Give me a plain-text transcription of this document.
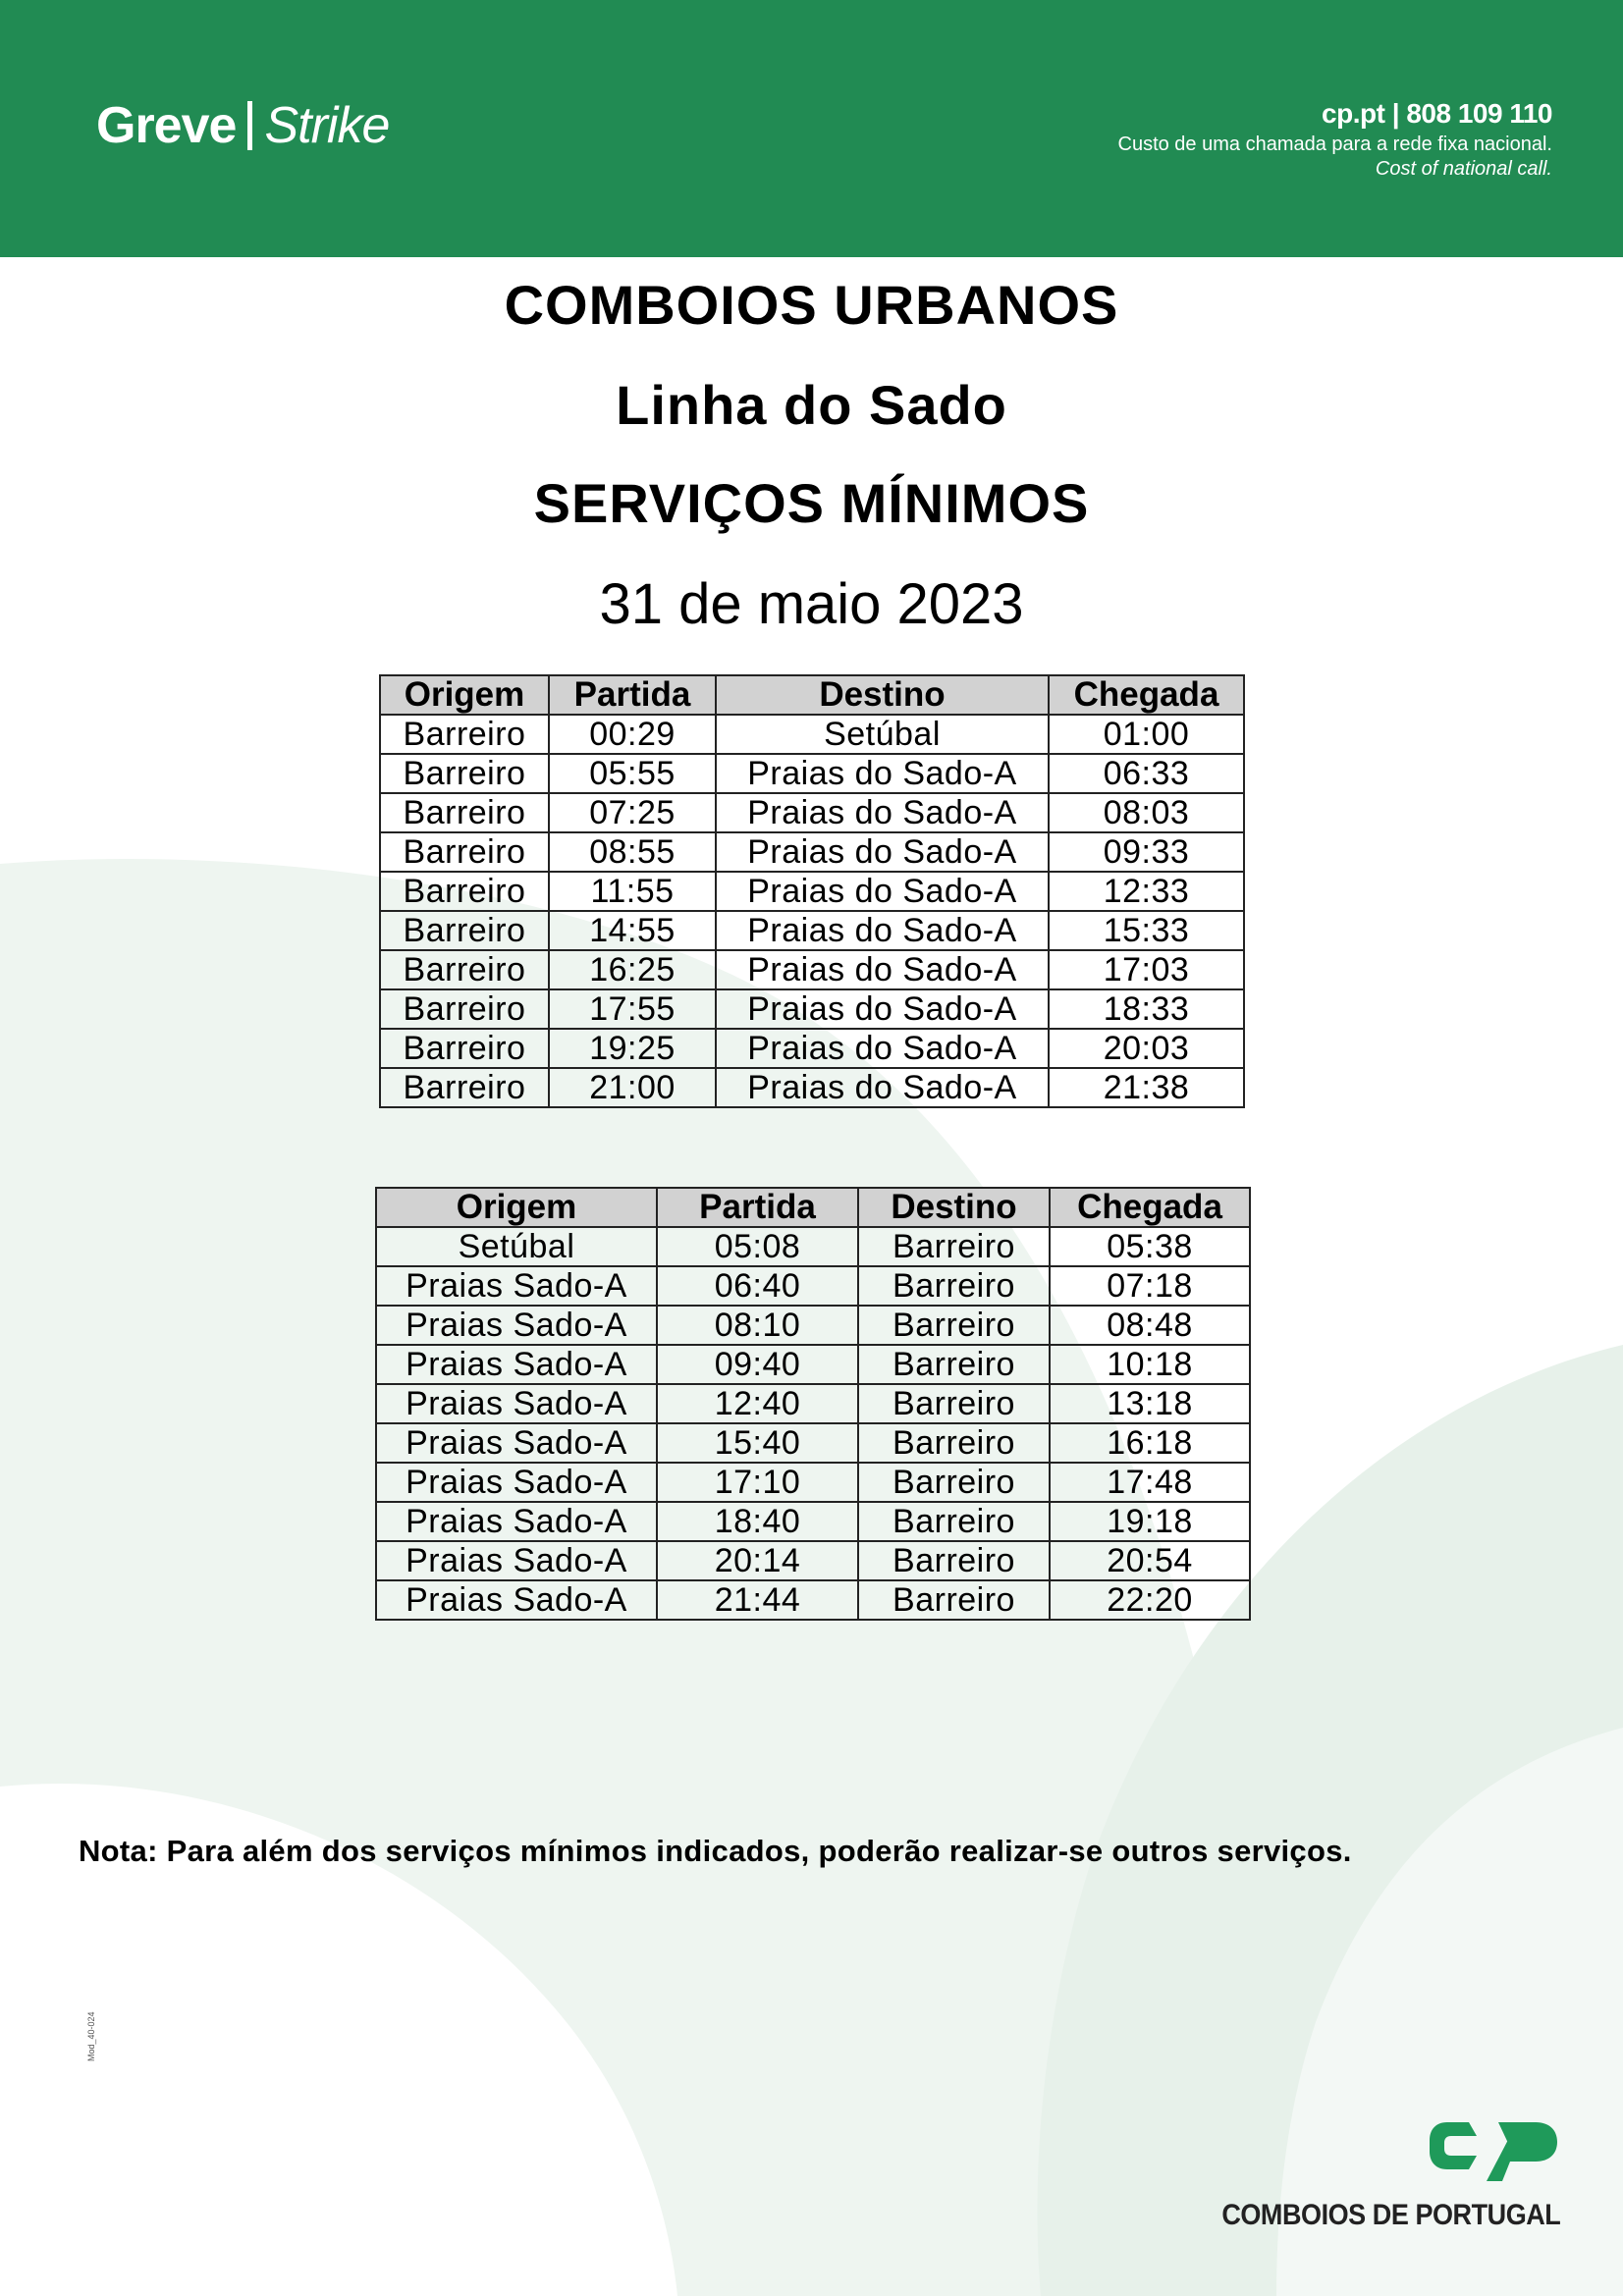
Greve Strike	cp.pt | 808 109 110
Custo de uma chamada para a rede fixa nacional.
Cost of national call.
COMBOIOS URBANOS
Linha do Sado
SERVIÇOS MÍNIMOS
31 de maio 2023
Origem	Partida	Destino	Chegada
Barreiro	00:29	Setúbal	01:00
Barreiro	05:55	Praias do Sado-A	06:33
Barreiro	07:25	Praias do Sado-A	08:03
Barreiro	08:55	Praias do Sado-A	09:33
Barreiro	11:55	Praias do Sado-A	12:33
Barreiro	14:55	Praias do Sado-A	15:33
Barreiro	16:25	Praias do Sado-A	17:03
Barreiro	17:55	Praias do Sado-A	18:33
Barreiro	19:25	Praias do Sado-A	20:03
Barreiro	21:00	Praias do Sado-A	21:38
Origem	Partida	Destino	Chegada
Setúbal	05:08	Barreiro	05:38
Praias Sado-A	06:40	Barreiro	07:18
Praias Sado-A	08:10	Barreiro	08:48
Praias Sado-A	09:40	Barreiro	10:18
Praias Sado-A	12:40	Barreiro	13:18
Praias Sado-A	15:40	Barreiro	16:18
Praias Sado-A	17:10	Barreiro	17:48
Praias Sado-A	18:40	Barreiro	19:18
Praias Sado-A	20:14	Barreiro	20:54
Praias Sado-A	21:44	Barreiro	22:20
Nota: Para além dos serviços mínimos indicados, poderão realizar-se outros serviços.
Mod_40-024
COMBOIOS DE PORTUGAL
